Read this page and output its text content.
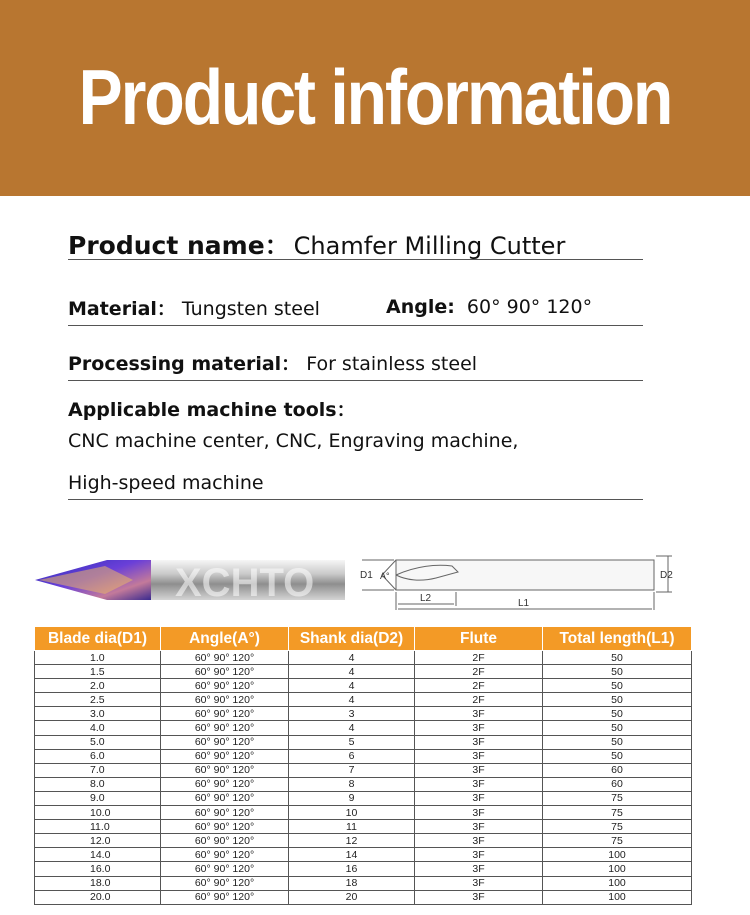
Product information
Product name： Chamfer Milling Cutter
Material： Tungsten steel	Angle: 60° 90° 120°
Processing material： For stainless steel
Applicable machine tools：
CNC machine center, CNC, Engraving machine,
High-speed machine
XCHTO	D1 A°	D2
L2	L1
Blade dia(D1)	Angle(A°)	Shank dia(D2)	Flute	Total length(L1)
1.0	60° 90° 120°	4	2F	50
1.5	60° 90° 120°	4	2F	50
2.0	60° 90° 120°	4	2F	50
2.5	60° 90° 120°	4	2F	50
3.0	60° 90° 120°	3	3F	50
4.0	60° 90° 120°	4	3F	50
5.0	60° 90° 120°	5	3F	50
6.0	60° 90° 120°	6	3F	50
7.0	60° 90° 120°	7	3F	60
8.0	60° 90° 120°	8	3F	60
9.0	60° 90° 120°	9	3F	75
10.0	60° 90° 120°	10	3F	75
11.0	60° 90° 120°	11	3F	75
12.0	60° 90° 120°	12	3F	75
14.0	60° 90° 120°	14	3F	100
16.0	60° 90° 120°	16	3F	100
18.0	60° 90° 120°	18	3F	100
20.0	60° 90° 120°	20	3F	100
